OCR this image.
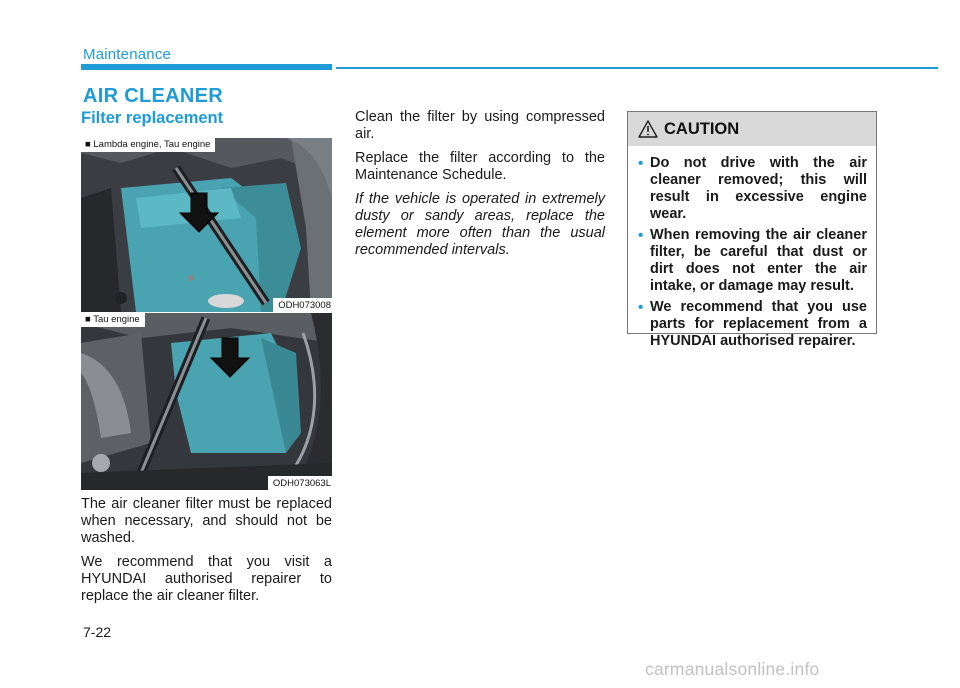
Maintenance
AIR CLEANER
Filter replacement
■ Lambda engine, Tau engine
ODH073008
■ Tau engine
ODH073063L

The air cleaner filter must be replaced when necessary, and should not be washed.

We recommend that you visit a HYUNDAI authorised repairer to replace the air cleaner filter.

Clean the filter by using compressed air.

Replace the filter according to the Maintenance Schedule.

If the vehicle is operated in extremely dusty or sandy areas, replace the element more often than the usual recommended intervals.

CAUTION
• Do not drive with the air cleaner removed; this will result in excessive engine wear.
• When removing the air cleaner filter, be careful that dust or dirt does not enter the air intake, or damage may result.
• We recommend that you use parts for replacement from a HYUNDAI authorised repairer.
7-22
carmanualsonline.info
